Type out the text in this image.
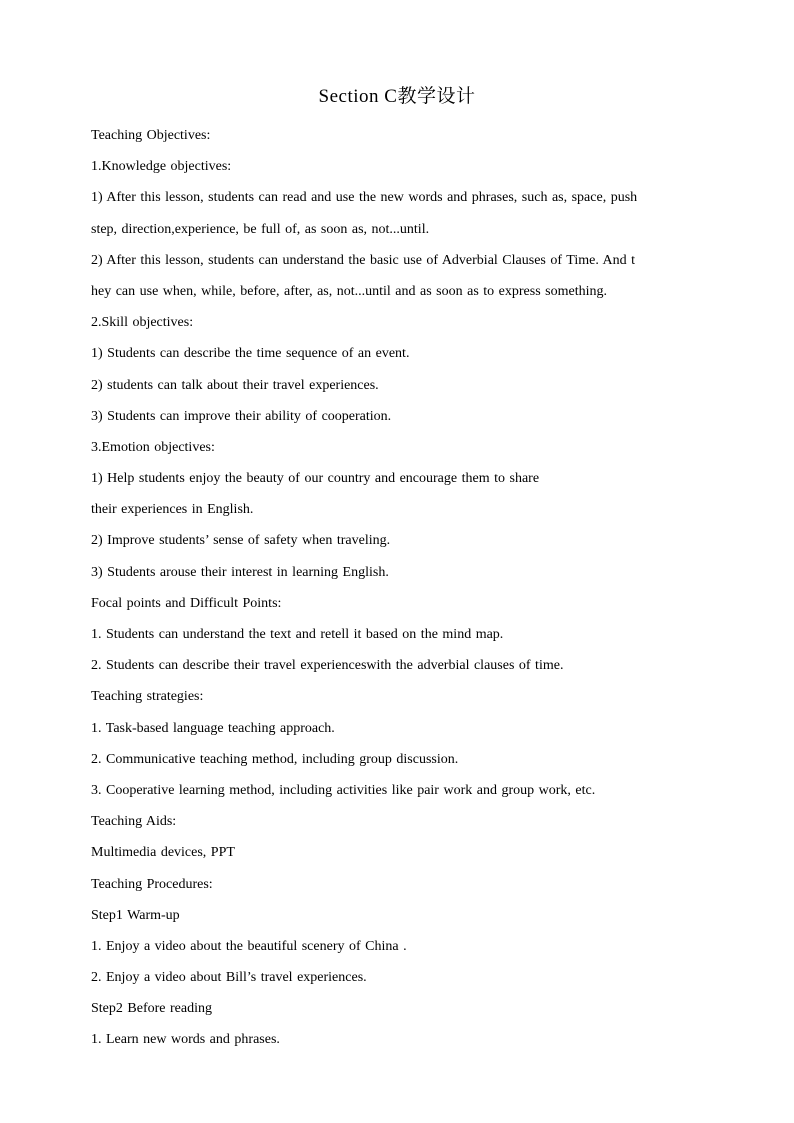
Section C教学设计
Teaching Objectives:
1.Knowledge objectives:
1) After this lesson, students can read and use the new words and phrases, such as, space, push
step, direction,experience, be full of, as soon as, not...until.
2) After this lesson, students can understand the basic use of Adverbial Clauses of Time. And t
hey can use when, while, before, after, as, not...until and as soon as to express something.
2.Skill objectives:
1) Students can describe the time sequence of an event.
2) students can talk about their travel experiences.
3) Students can improve their ability of cooperation.
3.Emotion objectives:
1) Help students enjoy the beauty of our country and encourage them to share
their experiences in English.
2) Improve students’ sense of safety when traveling.
3) Students arouse their interest in learning English.
Focal points and Difficult Points:
1. Students can understand the text and retell it based on the mind map.
2. Students can describe their travel experienceswith the adverbial clauses of time.
Teaching strategies:
1. Task-based language teaching approach.
2. Communicative teaching method, including group discussion.
3. Cooperative learning method, including activities like pair work and group work, etc.
Teaching Aids:
Multimedia devices, PPT
Teaching Procedures:
Step1 Warm-up
1. Enjoy a video about the beautiful scenery of China .
2. Enjoy a video about Bill’s travel experiences.
Step2 Before reading
1. Learn new words and phrases.
